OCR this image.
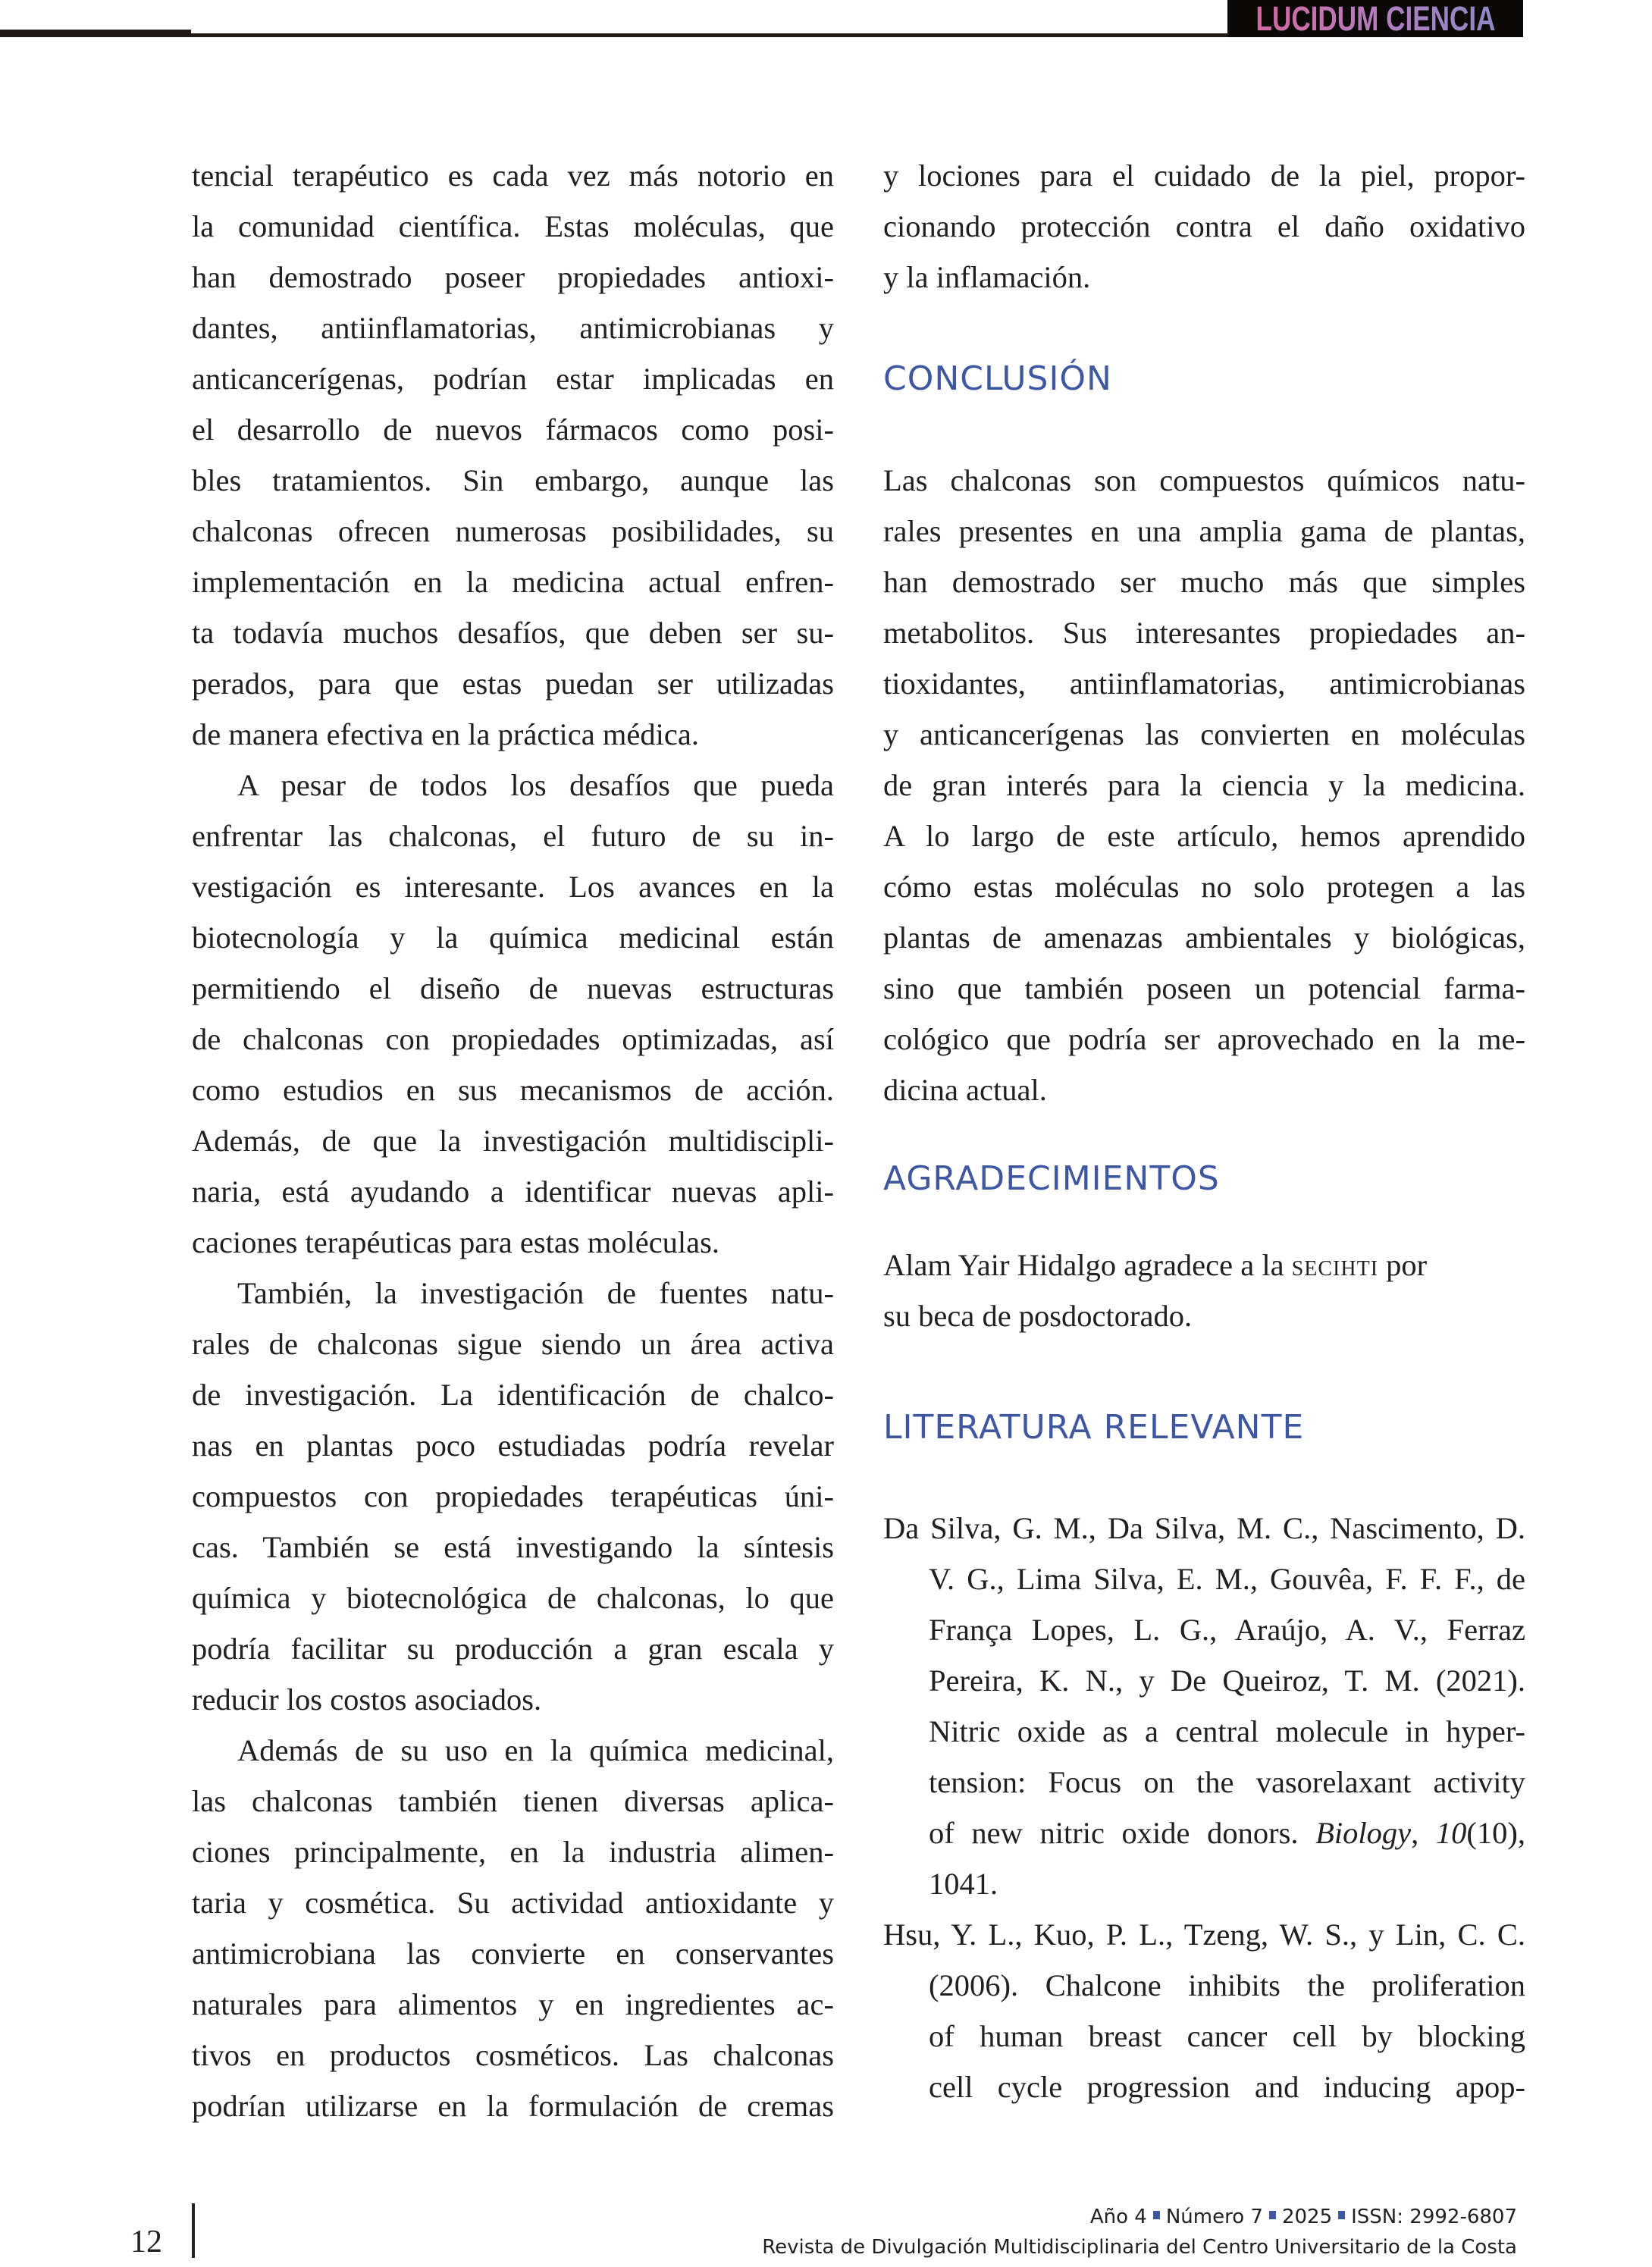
LUCIDUM CIENCIA

tencial terapéutico es cada vez más notorio en
la comunidad científica. Estas moléculas, que
han demostrado poseer propiedades antioxi-
dantes, antiinflamatorias, antimicrobianas y
anticancerígenas, podrían estar implicadas en
el desarrollo de nuevos fármacos como posi-
bles tratamientos. Sin embargo, aunque las
chalconas ofrecen numerosas posibilidades, su
implementación en la medicina actual enfren-
ta todavía muchos desafíos, que deben ser su-
perados, para que estas puedan ser utilizadas
de manera efectiva en la práctica médica.

A pesar de todos los desafíos que pueda
enfrentar las chalconas, el futuro de su in-
vestigación es interesante. Los avances en la
biotecnología y la química medicinal están
permitiendo el diseño de nuevas estructuras
de chalconas con propiedades optimizadas, así
como estudios en sus mecanismos de acción.
Además, de que la investigación multidiscipli-
naria, está ayudando a identificar nuevas apli-
caciones terapéuticas para estas moléculas.

También, la investigación de fuentes natu-
rales de chalconas sigue siendo un área activa
de investigación. La identificación de chalco-
nas en plantas poco estudiadas podría revelar
compuestos con propiedades terapéuticas úni-
cas. También se está investigando la síntesis
química y biotecnológica de chalconas, lo que
podría facilitar su producción a gran escala y
reducir los costos asociados.

Además de su uso en la química medicinal,
las chalconas también tienen diversas aplica-
ciones principalmente, en la industria alimen-
taria y cosmética. Su actividad antioxidante y
antimicrobiana las convierte en conservantes
naturales para alimentos y en ingredientes ac-
tivos en productos cosméticos. Las chalconas
podrían utilizarse en la formulación de cremas

y lociones para el cuidado de la piel, propor-
cionando protección contra el daño oxidativo
y la inflamación.

CONCLUSIÓN

Las chalconas son compuestos químicos natu-
rales presentes en una amplia gama de plantas,
han demostrado ser mucho más que simples
metabolitos. Sus interesantes propiedades an-
tioxidantes, antiinflamatorias, antimicrobianas
y anticancerígenas las convierten en moléculas
de gran interés para la ciencia y la medicina.
A lo largo de este artículo, hemos aprendido
cómo estas moléculas no solo protegen a las
plantas de amenazas ambientales y biológicas,
sino que también poseen un potencial farma-
cológico que podría ser aprovechado en la me-
dicina actual.

AGRADECIMIENTOS

Alam Yair Hidalgo agradece a la secihti por
su beca de posdoctorado.

LITERATURA RELEVANTE
Da Silva, G. M., Da Silva, M. C., Nascimento, D.
V. G., Lima Silva, E. M., Gouvêa, F. F. F., de
França Lopes, L. G., Araújo, A. V., Ferraz
Pereira, K. N., y De Queiroz, T. M. (2021).
Nitric oxide as a central molecule in hyper-
tension: Focus on the vasorelaxant activity
of new nitric oxide donors. Biology, 10(10),
1041.
Hsu, Y. L., Kuo, P. L., Tzeng, W. S., y Lin, C. C.
(2006). Chalcone inhibits the proliferation
of human breast cancer cell by blocking
cell cycle progression and inducing apop-
12
Año 4 Número 7 2025 ISSN: 2992-6807
Revista de Divulgación Multidisciplinaria del Centro Universitario de la Costa
